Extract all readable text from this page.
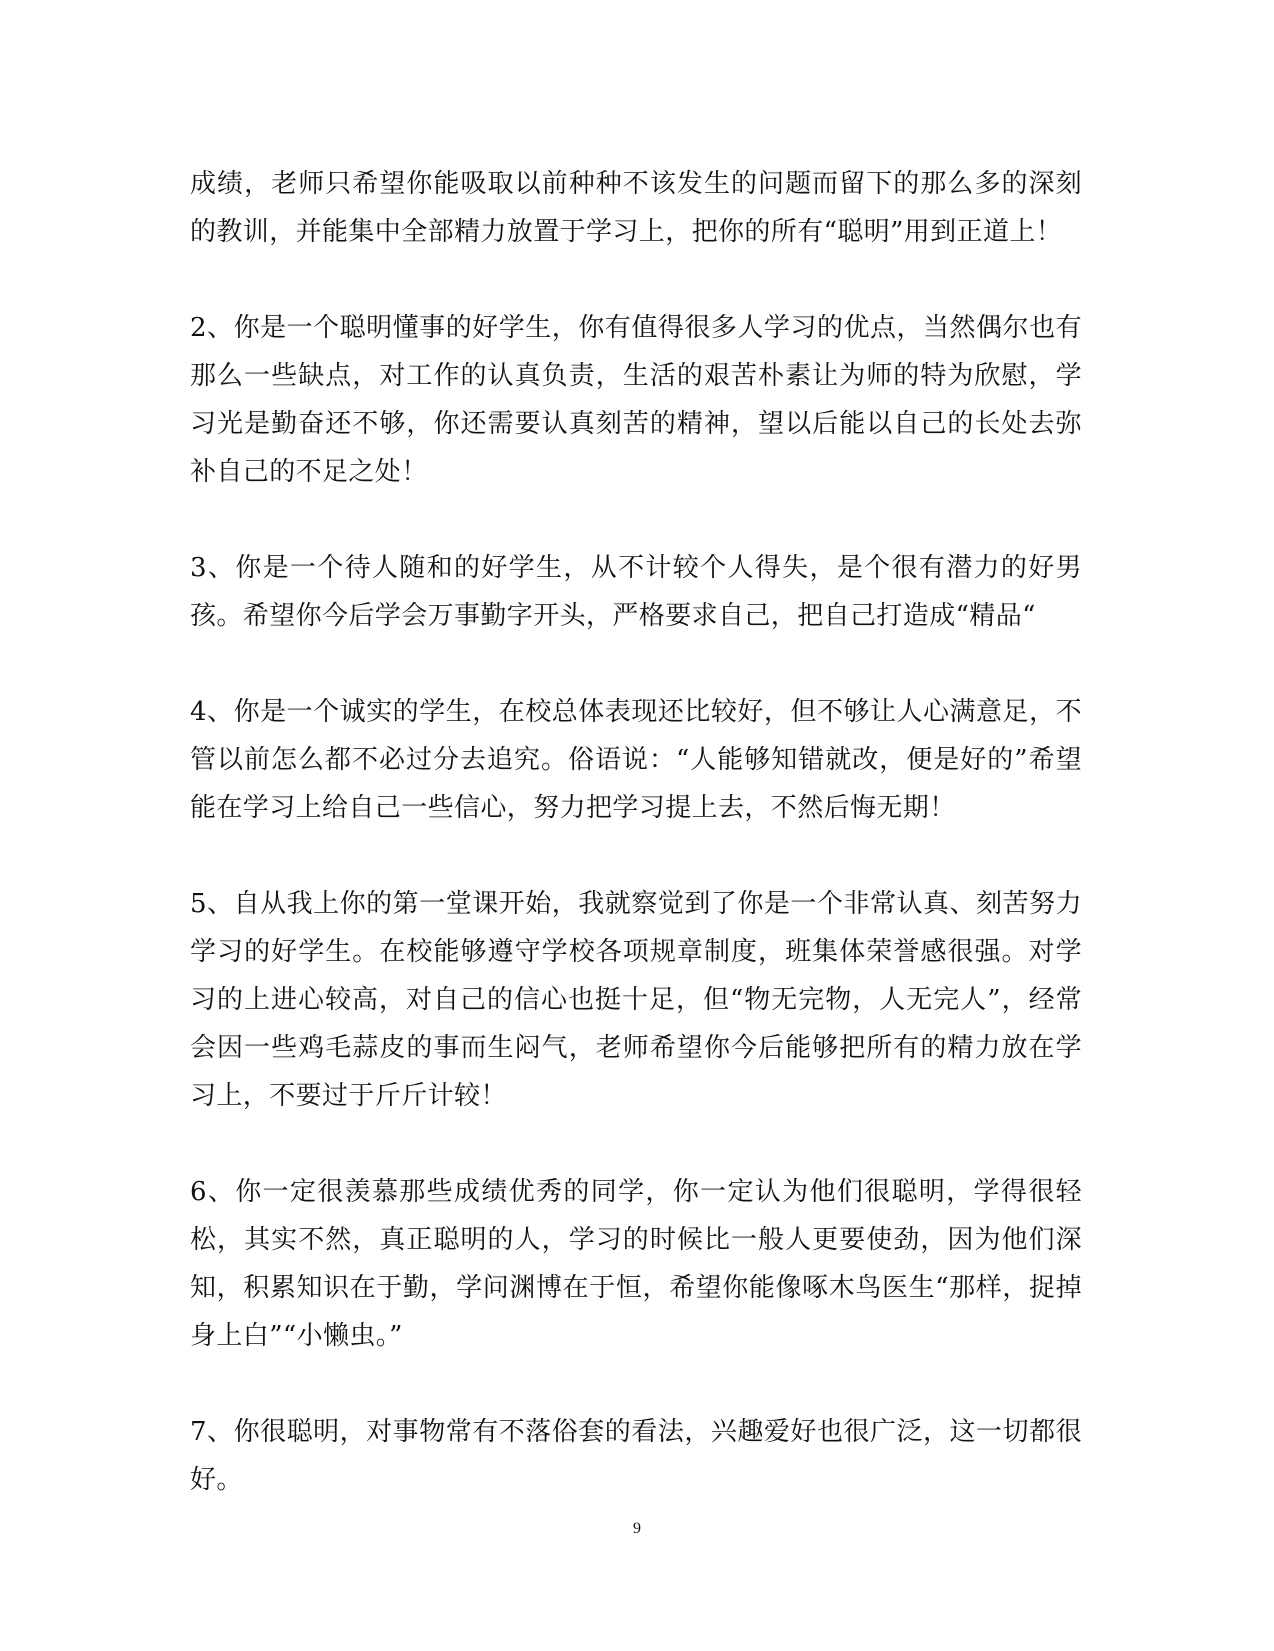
成绩，老师只希望你能吸取以前种种不该发生的问题而留下的那么多的深刻的教训，并能集中全部精力放置于学习上，把你的所有“聪明”用到正道上！

2、你是一个聪明懂事的好学生，你有值得很多人学习的优点，当然偶尔也有那么一些缺点，对工作的认真负责，生活的艰苦朴素让为师的特为欣慰，学习光是勤奋还不够，你还需要认真刻苦的精神，望以后能以自己的长处去弥补自己的不足之处！

3、你是一个待人随和的好学生，从不计较个人得失，是个很有潜力的好男孩。希望你今后学会万事勤字开头，严格要求自己，把自己打造成“精品“

4、你是一个诚实的学生，在校总体表现还比较好，但不够让人心满意足，不管以前怎么都不必过分去追究。俗语说：“人能够知错就改，便是好的”希望能在学习上给自己一些信心，努力把学习提上去，不然后悔无期！

5、自从我上你的第一堂课开始，我就察觉到了你是一个非常认真、刻苦努力学习的好学生。在校能够遵守学校各项规章制度，班集体荣誉感很强。对学习的上进心较高，对自己的信心也挺十足，但“物无完物，人无完人”，经常会因一些鸡毛蒜皮的事而生闷气，老师希望你今后能够把所有的精力放在学习上，不要过于斤斤计较！

6、你一定很羡慕那些成绩优秀的同学，你一定认为他们很聪明，学得很轻松，其实不然，真正聪明的人，学习的时候比一般人更要使劲，因为他们深知，积累知识在于勤，学问渊博在于恒，希望你能像啄木鸟医生“那样，捉掉身上白”“小懒虫。”

7、你很聪明，对事物常有不落俗套的看法，兴趣爱好也很广泛，这一切都很好。

9
